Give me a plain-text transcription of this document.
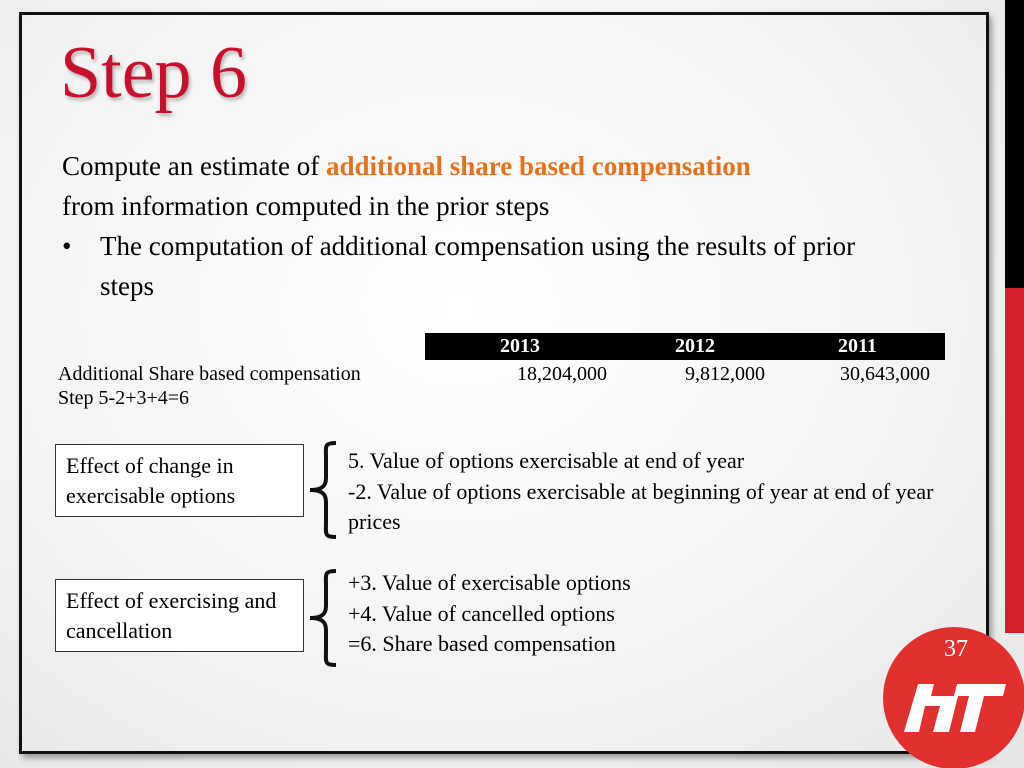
Step 6
Compute an estimate of additional share based compensation
from information computed in the prior steps
•	The computation of additional compensation using the results of prior steps
2013	2012	2011
Additional Share based compensation
Step 5-2+3+4=6
18,204,000	9,812,000	30,643,000
Effect of change in exercisable options
5. Value of options exercisable at end of year
-2. Value of options exercisable at beginning of year at end of year prices
Effect of exercising and cancellation
+3. Value of exercisable options
+4. Value of cancelled options
=6. Share based compensation	37
